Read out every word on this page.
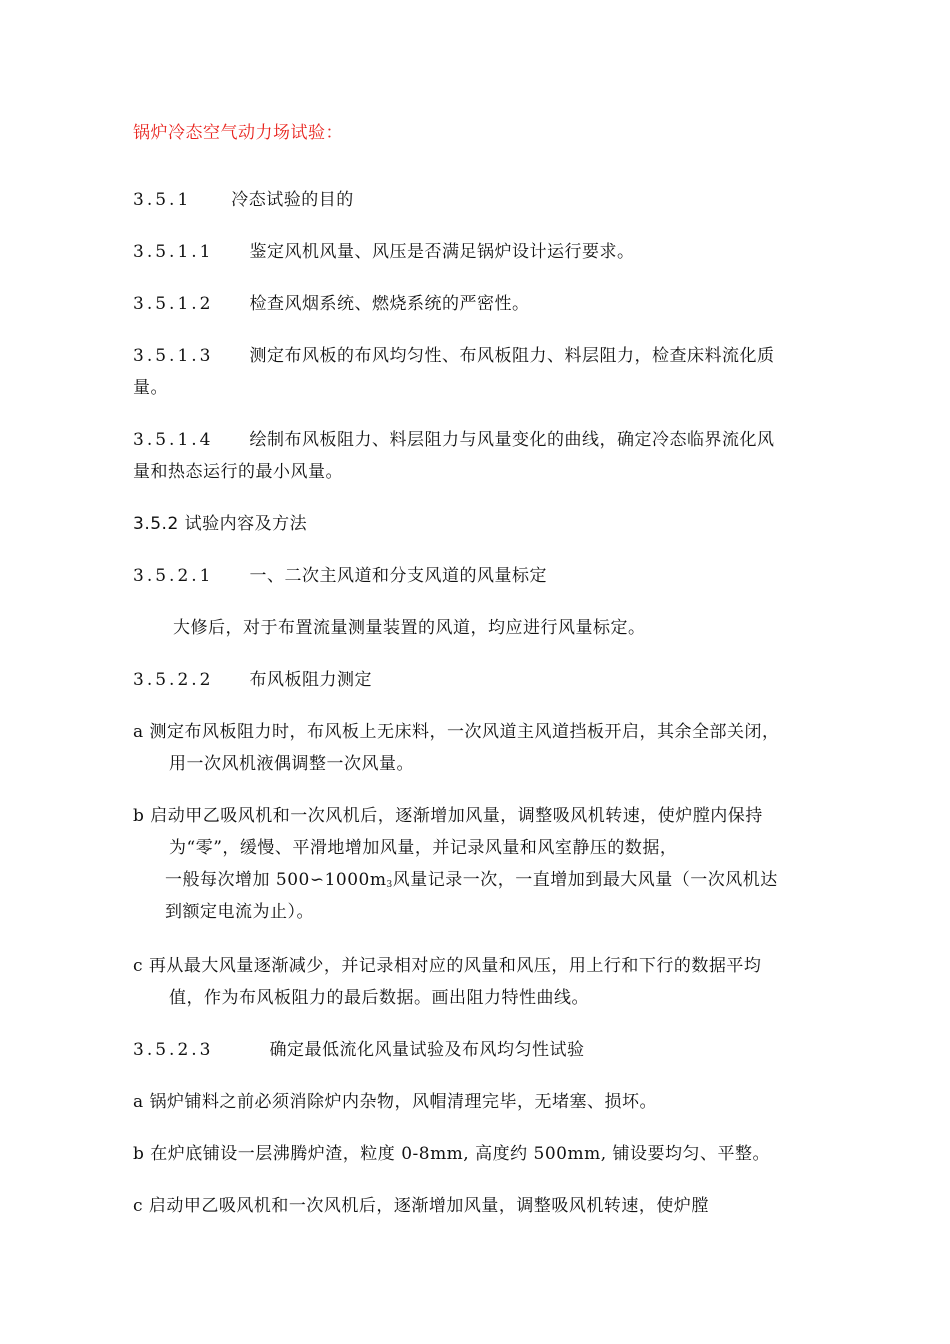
锅炉冷态空气动力场试验：
3.5.1 冷态试验的目的
3.5.1.1 鉴定风机风量、风压是否满足锅炉设计运行要求。
3.5.1.2 检查风烟系统、燃烧系统的严密性。
3.5.1.3 测定布风板的布风均匀性、布风板阻力、料层阻力，检查床料流化质
量。
3.5.1.4 绘制布风板阻力、料层阻力与风量变化的曲线，确定冷态临界流化风
量和热态运行的最小风量。
3.5.2 试验内容及方法
3.5.2.1 一、二次主风道和分支风道的风量标定
大修后，对于布置流量测量装置的风道，均应进行风量标定。
3.5.2.2 布风板阻力测定
a 测定布风板阻力时，布风板上无床料，一次风道主风道挡板开启，其余全部关闭，
用一次风机液偶调整一次风量。
b 启动甲乙吸风机和一次风机后，逐渐增加风量，调整吸风机转速，使炉膛内保持
为“零”，缓慢、平滑地增加风量，并记录风量和风室静压的数据，
一般每次增加 $500∽1000m_3$风量记录一次，一直增加到最大风量（一次风机达
到额定电流为止）。
c 再从最大风量逐渐减少，并记录相对应的风量和风压，用上行和下行的数据平均
值，作为布风板阻力的最后数据。画出阻力特性曲线。
3.5.2.3	确定最低流化风量试验及布风均匀性试验
a 锅炉铺料之前必须消除炉内杂物，风帽清理完毕，无堵塞、损坏。
b 在炉底铺设一层沸腾炉渣，粒度 0-8mm, 高度约 500mm, 铺设要均匀、平整。
c 启动甲乙吸风机和一次风机后，逐渐增加风量，调整吸风机转速，使炉膛
